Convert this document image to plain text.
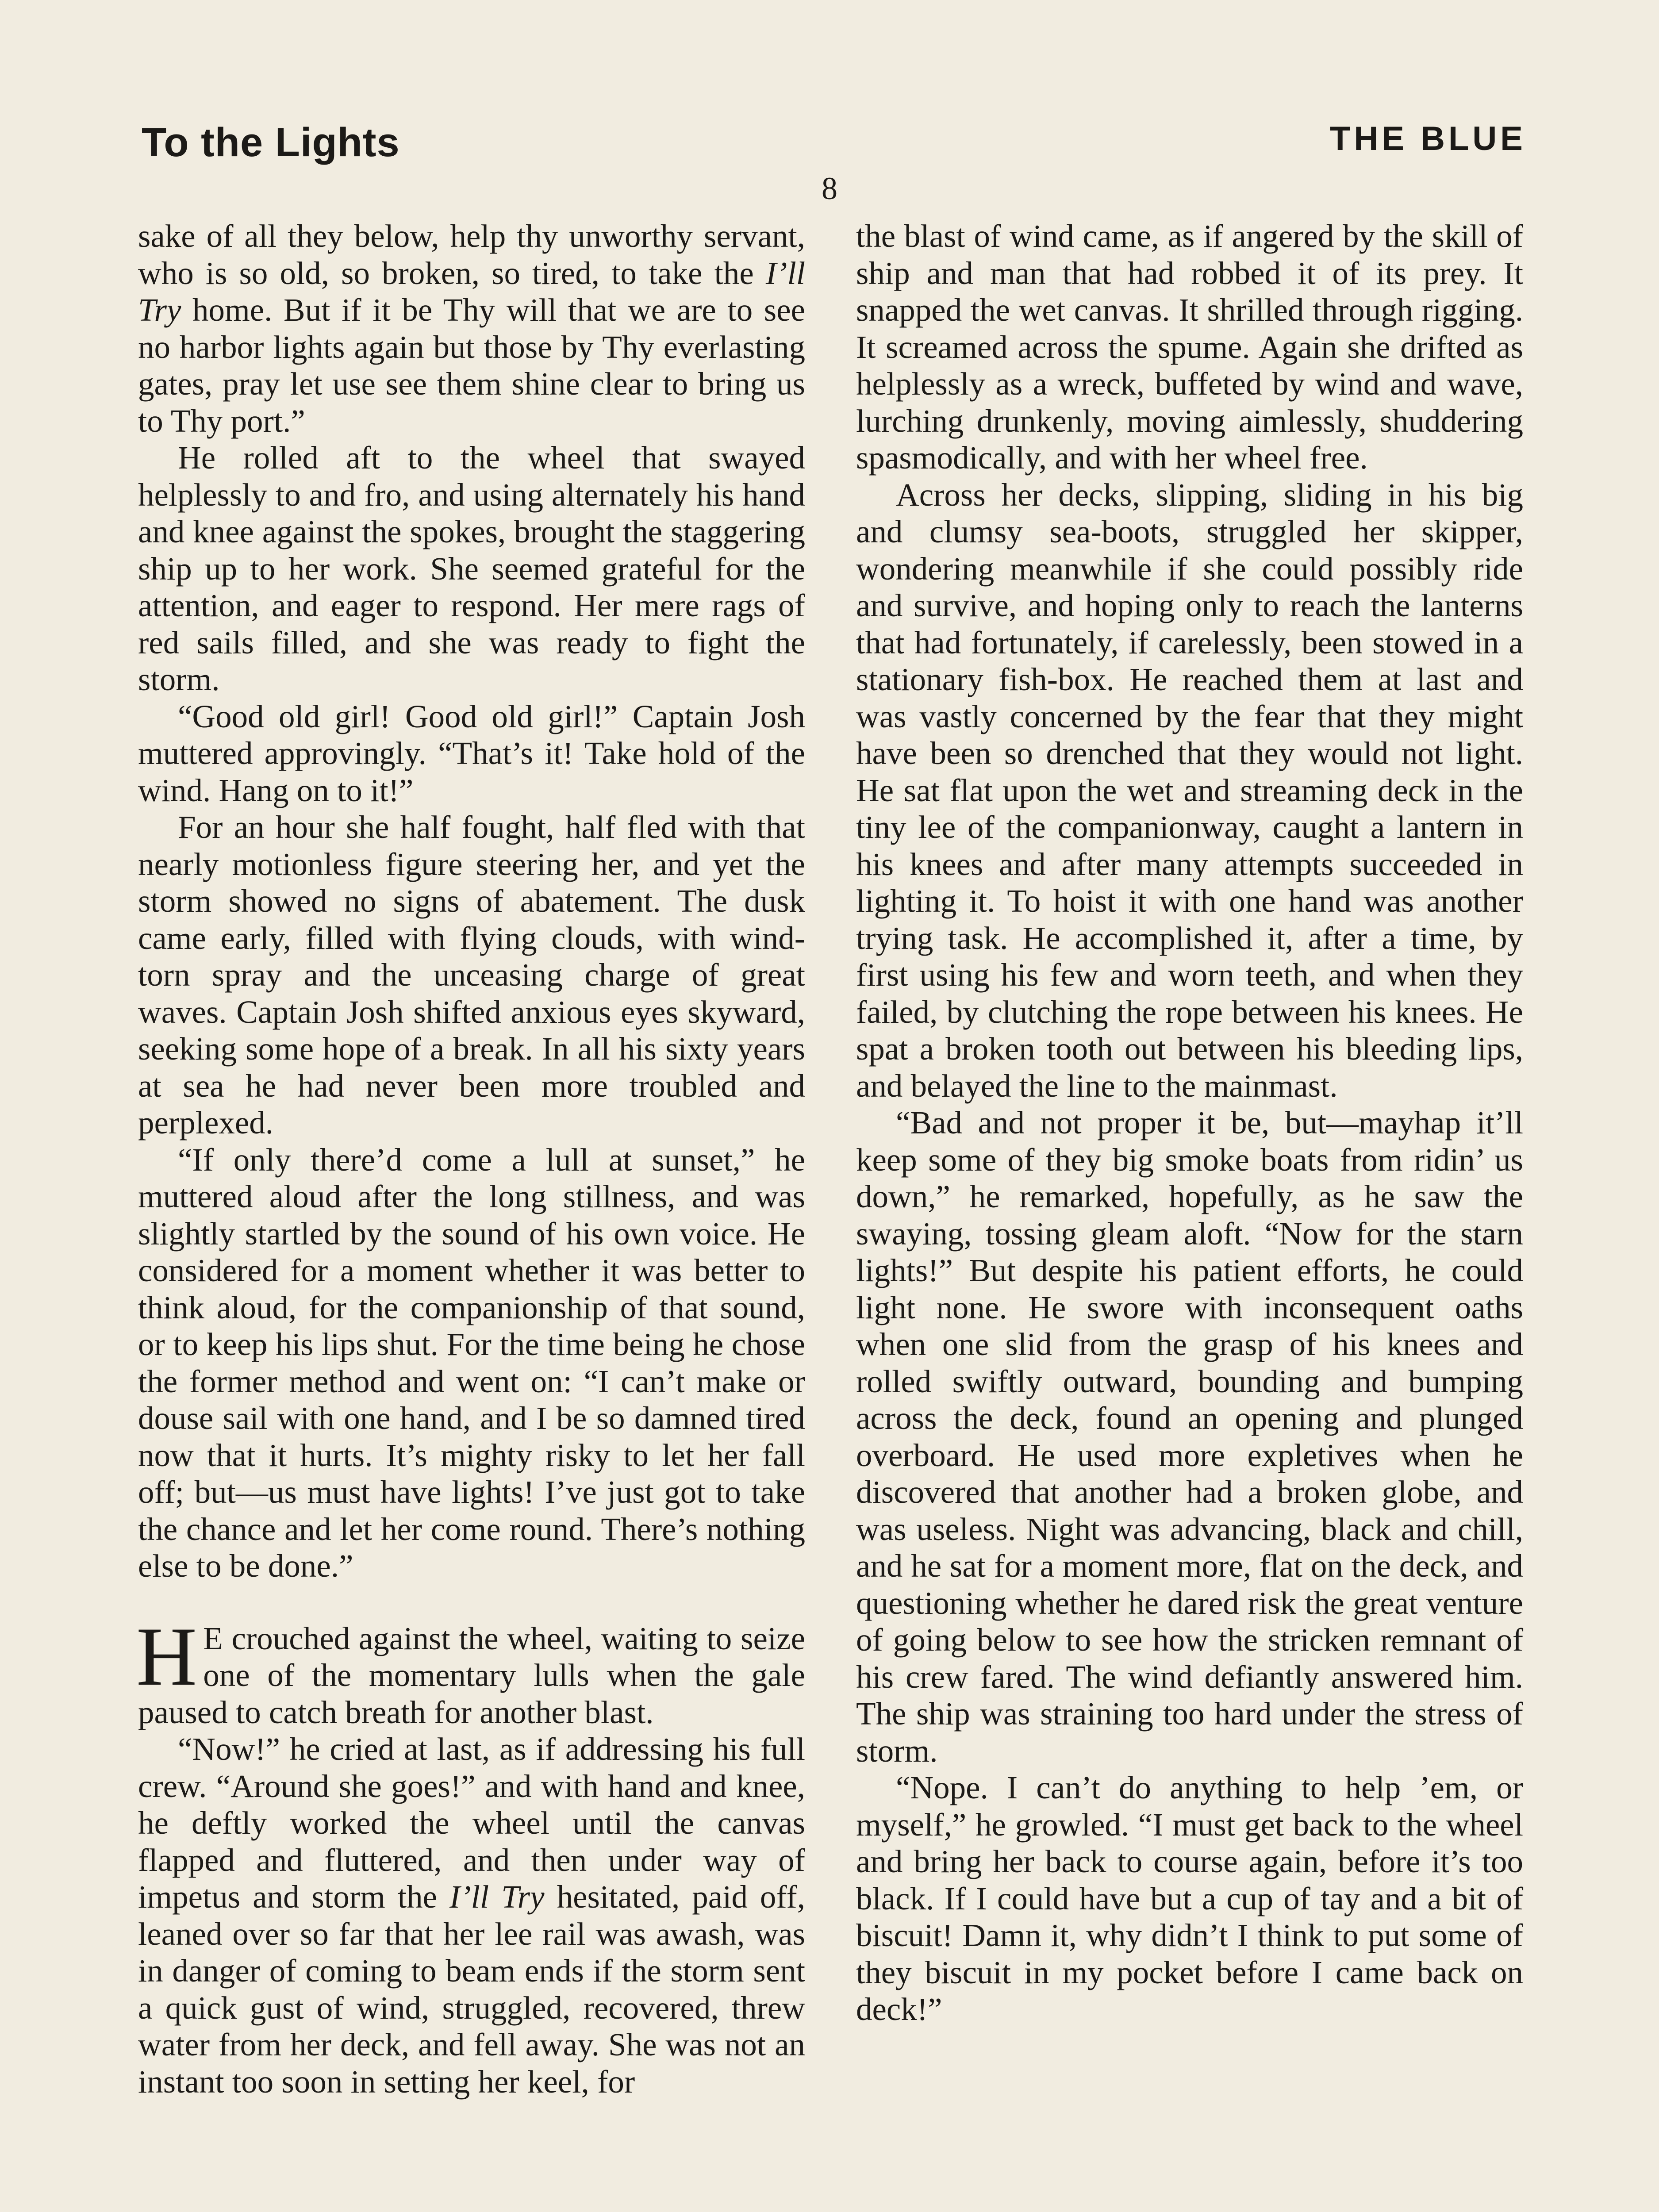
To the Lights	THE BLUE
8

sake of all they below, help thy unworthy servant, who is so old, so broken, so tired, to take the I’ll Try home. But if it be Thy will that we are to see no harbor lights again but those by Thy everlasting gates, pray let use see them shine clear to bring us to Thy port.”

He rolled aft to the wheel that swayed helplessly to and fro, and using alternately his hand and knee against the spokes, brought the staggering ship up to her work. She seemed grateful for the attention, and eager to respond. Her mere rags of red sails filled, and she was ready to fight the storm.

“Good old girl! Good old girl!” Captain Josh muttered approvingly. “That’s it! Take hold of the wind. Hang on to it!”

For an hour she half fought, half fled with that nearly motionless figure steering her, and yet the storm showed no signs of abatement. The dusk came early, filled with flying clouds, with wind-torn spray and the unceasing charge of great waves. Captain Josh shifted anxious eyes skyward, seeking some hope of a break. In all his sixty years at sea he had never been more troubled and perplexed.

“If only there’d come a lull at sunset,” he muttered aloud after the long stillness, and was slightly startled by the sound of his own voice. He considered for a moment whether it was better to think aloud, for the companionship of that sound, or to keep his lips shut. For the time being he chose the former method and went on: “I can’t make or douse sail with one hand, and I be so damned tired now that it hurts. It’s mighty risky to let her fall off; but—us must have lights! I’ve just got to take the chance and let her come round. There’s nothing else to be done.”

H E crouched against the wheel, waiting to seize one of the momentary lulls when the gale paused to catch breath for another blast.

“Now!” he cried at last, as if addressing his full crew. “Around she goes!” and with hand and knee, he deftly worked the wheel until the canvas flapped and fluttered, and then under way of impetus and storm the I’ll Try hesitated, paid off, leaned over so far that her lee rail was awash, was in danger of coming to beam ends if the storm sent a quick gust of wind, struggled, recovered, threw water from her deck, and fell away. She was not an instant too soon in setting her keel, for

the blast of wind came, as if angered by the skill of ship and man that had robbed it of its prey. It snapped the wet canvas. It shrilled through rigging. It screamed across the spume. Again she drifted as helplessly as a wreck, buffeted by wind and wave, lurching drunkenly, moving aimlessly, shuddering spasmodically, and with her wheel free.

Across her decks, slipping, sliding in his big and clumsy sea-boots, struggled her skipper, wondering meanwhile if she could possibly ride and survive, and hoping only to reach the lanterns that had fortunately, if carelessly, been stowed in a stationary fish-box. He reached them at last and was vastly concerned by the fear that they might have been so drenched that they would not light. He sat flat upon the wet and streaming deck in the tiny lee of the companionway, caught a lantern in his knees and after many attempts succeeded in lighting it. To hoist it with one hand was another trying task. He accomplished it, after a time, by first using his few and worn teeth, and when they failed, by clutching the rope between his knees. He spat a broken tooth out between his bleeding lips, and belayed the line to the mainmast.

“Bad and not proper it be, but—mayhap it’ll keep some of they big smoke boats from ridin’ us down,” he remarked, hopefully, as he saw the swaying, tossing gleam aloft. “Now for the starn lights!” But despite his patient efforts, he could light none. He swore with inconsequent oaths when one slid from the grasp of his knees and rolled swiftly outward, bounding and bumping across the deck, found an opening and plunged overboard. He used more expletives when he discovered that another had a broken globe, and was useless. Night was advancing, black and chill, and he sat for a moment more, flat on the deck, and questioning whether he dared risk the great venture of going below to see how the stricken remnant of his crew fared. The wind defiantly answered him. The ship was straining too hard under the stress of storm.

“Nope. I can’t do anything to help ’em, or myself,” he growled. “I must get back to the wheel and bring her back to course again, before it’s too black. If I could have but a cup of tay and a bit of biscuit! Damn it, why didn’t I think to put some of they biscuit in my pocket before I came back on deck!”
